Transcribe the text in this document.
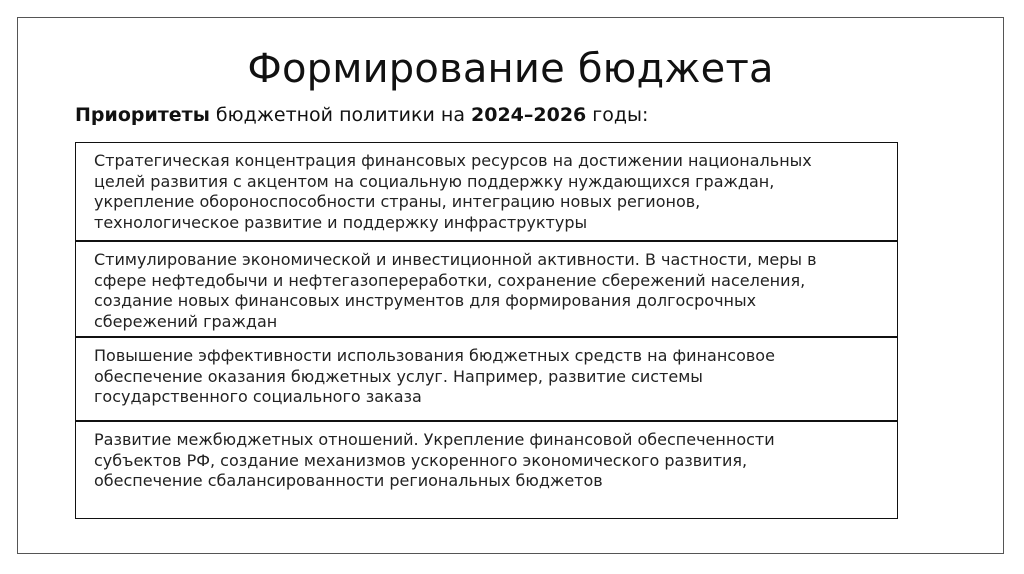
Формирование бюджета
Приоритеты бюджетной политики на 2024–2026 годы:
Стратегическая концентрация финансовых ресурсов на достижении национальных
целей развития с акцентом на социальную поддержку нуждающихся граждан,
укрепление обороноспособности страны, интеграцию новых регионов,
технологическое развитие и поддержку инфраструктуры
Стимулирование экономической и инвестиционной активности. В частности, меры в
сфере нефтедобычи и нефтегазопереработки, сохранение сбережений населения,
создание новых финансовых инструментов для формирования долгосрочных
сбережений граждан
Повышение эффективности использования бюджетных средств на финансовое
обеспечение оказания бюджетных услуг. Например, развитие системы
государственного социального заказа
Развитие межбюджетных отношений. Укрепление финансовой обеспеченности
субъектов РФ, создание механизмов ускоренного экономического развития,
обеспечение сбалансированности региональных бюджетов
